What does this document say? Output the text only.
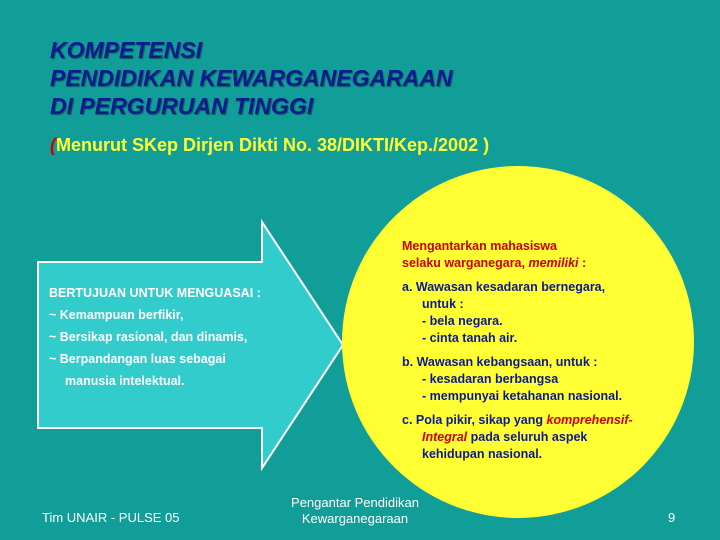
KOMPETENSI
PENDIDIKAN KEWARGANEGARAAN
DI PERGURUAN TINGGI
(Menurut SKep Dirjen Dikti No. 38/DIKTI/Kep./2002 )
BERTUJUAN UNTUK MENGUASAI :
~ Kemampuan berfikir,
~ Bersikap rasional, dan dinamis,
~ Berpandangan luas sebagai
manusia intelektual.
Mengantarkan mahasiswa
selaku warganegara, memiliki :
a. Wawasan kesadaran bernegara,
untuk :
- bela negara.
- cinta tanah air.
b. Wawasan kebangsaan, untuk :
- kesadaran berbangsa
- mempunyai ketahanan nasional.
c. Pola pikir, sikap yang komprehensif-
Integral pada seluruh aspek
kehidupan nasional.
Tim UNAIR - PULSE 05
Pengantar Pendidikan
Kewarganegaraan	9
